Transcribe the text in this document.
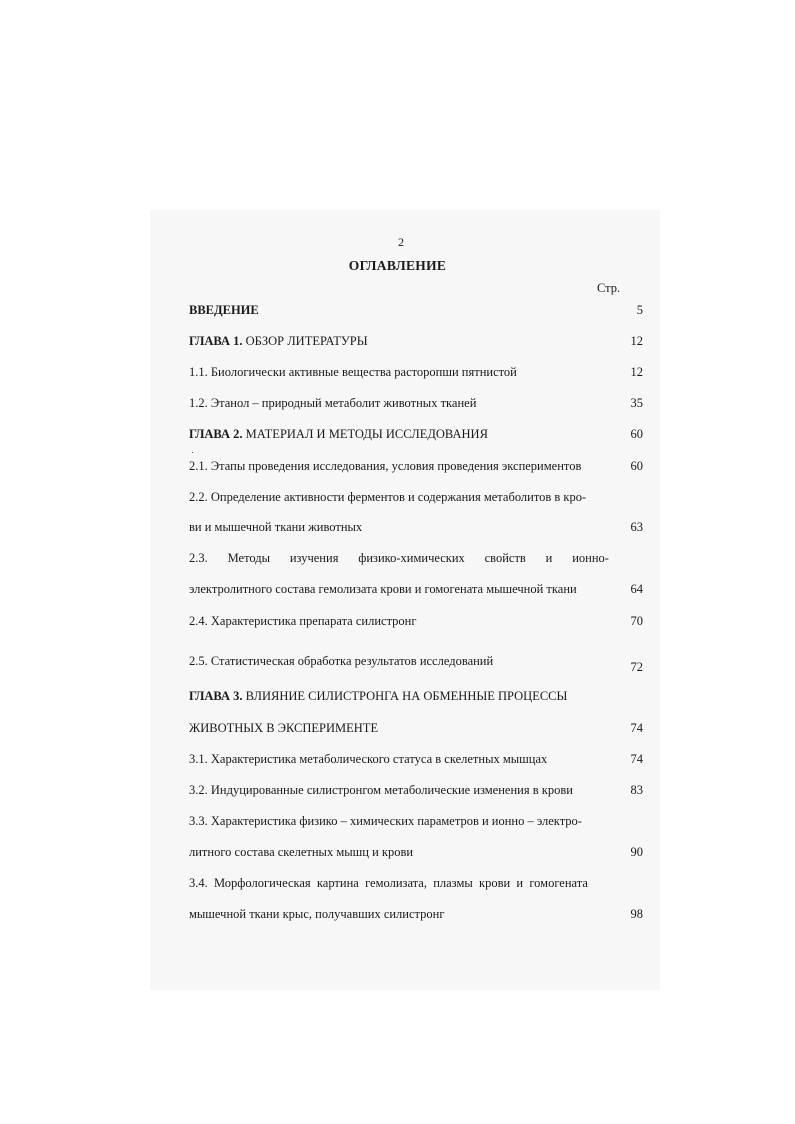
2
ОГЛАВЛЕНИЕ
Стр.
ВВЕДЕНИЕ	5
ГЛАВА 1. ОБЗОР ЛИТЕРАТУРЫ	12
1.1. Биологически активные вещества расторопши пятнистой	12
1.2. Этанол – природный метаболит животных тканей	35
ГЛАВА 2. МАТЕРИАЛ И МЕТОДЫ ИССЛЕДОВАНИЯ	60
2.1. Этапы проведения исследования, условия проведения экспериментов	60
2.2. Определение активности ферментов и содержания метаболитов в кро-
ви и мышечной ткани животных	63
2.3. Методы изучения физико-химических свойств и ионно-
электролитного состава гемолизата крови и гомогената мышечной ткани	64
2.4. Характеристика препарата силистронг	70
2.5. Статистическая обработка результатов исследований	72
ГЛАВА 3. ВЛИЯНИЕ СИЛИСТРОНГА НА ОБМЕННЫЕ ПРОЦЕССЫ
ЖИВОТНЫХ В ЭКСПЕРИМЕНТЕ	74
3.1. Характеристика метаболического статуса в скелетных мышцах	74
3.2. Индуцированные силистронгом метаболические изменения в крови	83
3.3. Характеристика физико – химических параметров и ионно – электро-
литного состава скелетных мышц и крови	90
3.4.  Морфологическая  картина  гемолизата,  плазмы  крови  и  гомогената
мышечной ткани крыс, получавших силистронг	98
